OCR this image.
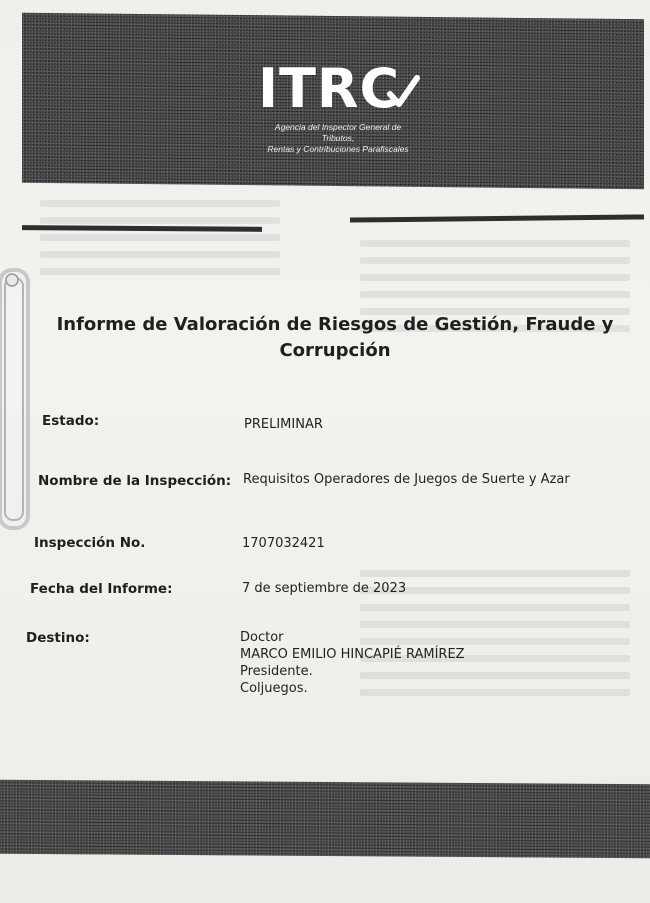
ITRC
Agencia del Inspector General de Tributos,
Rentas y Contribuciones Parafiscales
Informe de Valoración de Riesgos de Gestión, Fraude y Corrupción
Estado:	PRELIMINAR
Nombre de la Inspección: Requisitos Operadores de Juegos de Suerte y Azar
Inspección No.	1707032421
Fecha del Informe:	7 de septiembre de 2023
Destino:	Doctor
MARCO EMILIO HINCAPIÉ RAMÍREZ
Presidente.
Coljuegos.
